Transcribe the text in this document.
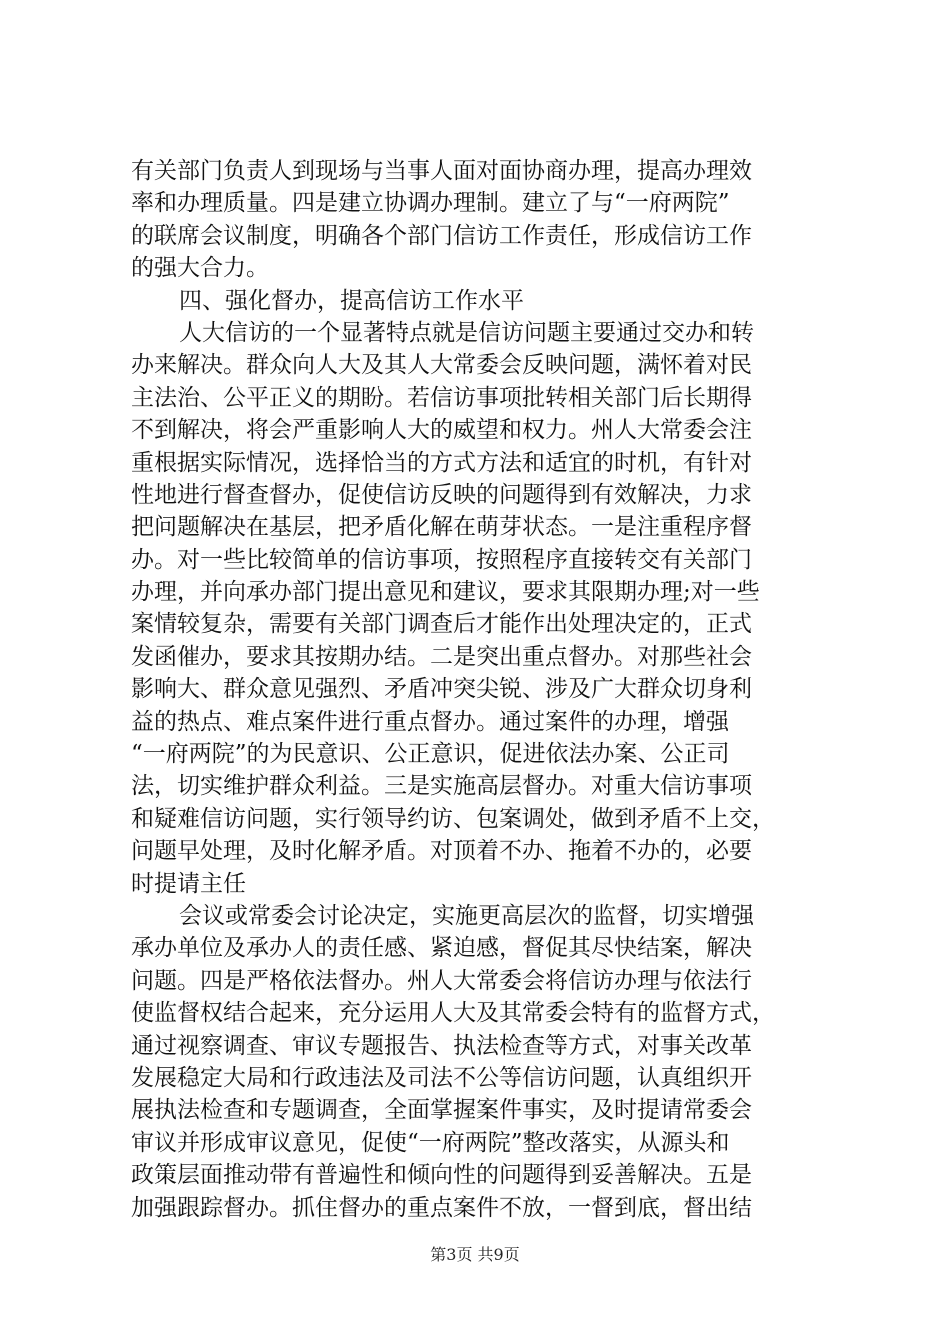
有关部门负责人到现场与当事人面对面协商办理，提高办理效
率和办理质量。四是建立协调办理制。建立了与“一府两院”
的联席会议制度，明确各个部门信访工作责任，形成信访工作
的强大合力。
四、强化督办，提高信访工作水平
人大信访的一个显著特点就是信访问题主要通过交办和转
办来解决。群众向人大及其人大常委会反映问题，满怀着对民
主法治、公平正义的期盼。若信访事项批转相关部门后长期得
不到解决，将会严重影响人大的威望和权力。州人大常委会注
重根据实际情况，选择恰当的方式方法和适宜的时机，有针对
性地进行督查督办，促使信访反映的问题得到有效解决，力求
把问题解决在基层，把矛盾化解在萌芽状态。一是注重程序督
办。对一些比较简单的信访事项，按照程序直接转交有关部门
办理，并向承办部门提出意见和建议，要求其限期办理;对一些
案情较复杂，需要有关部门调查后才能作出处理决定的，正式
发函催办，要求其按期办结。二是突出重点督办。对那些社会
影响大、群众意见强烈、矛盾冲突尖锐、涉及广大群众切身利
益的热点、难点案件进行重点督办。通过案件的办理，增强
“一府两院”的为民意识、公正意识，促进依法办案、公正司
法，切实维护群众利益。三是实施高层督办。对重大信访事项
和疑难信访问题，实行领导约访、包案调处，做到矛盾不上交，
问题早处理，及时化解矛盾。对顶着不办、拖着不办的，必要
时提请主任
会议或常委会讨论决定，实施更高层次的监督，切实增强
承办单位及承办人的责任感、紧迫感，督促其尽快结案，解决
问题。四是严格依法督办。州人大常委会将信访办理与依法行
使监督权结合起来，充分运用人大及其常委会特有的监督方式，
通过视察调查、审议专题报告、执法检查等方式，对事关改革
发展稳定大局和行政违法及司法不公等信访问题，认真组织开
展执法检查和专题调查，全面掌握案件事实，及时提请常委会
审议并形成审议意见，促使“一府两院”整改落实，从源头和
政策层面推动带有普遍性和倾向性的问题得到妥善解决。五是
加强跟踪督办。抓住督办的重点案件不放，一督到底，督出结
第3页 共9页
